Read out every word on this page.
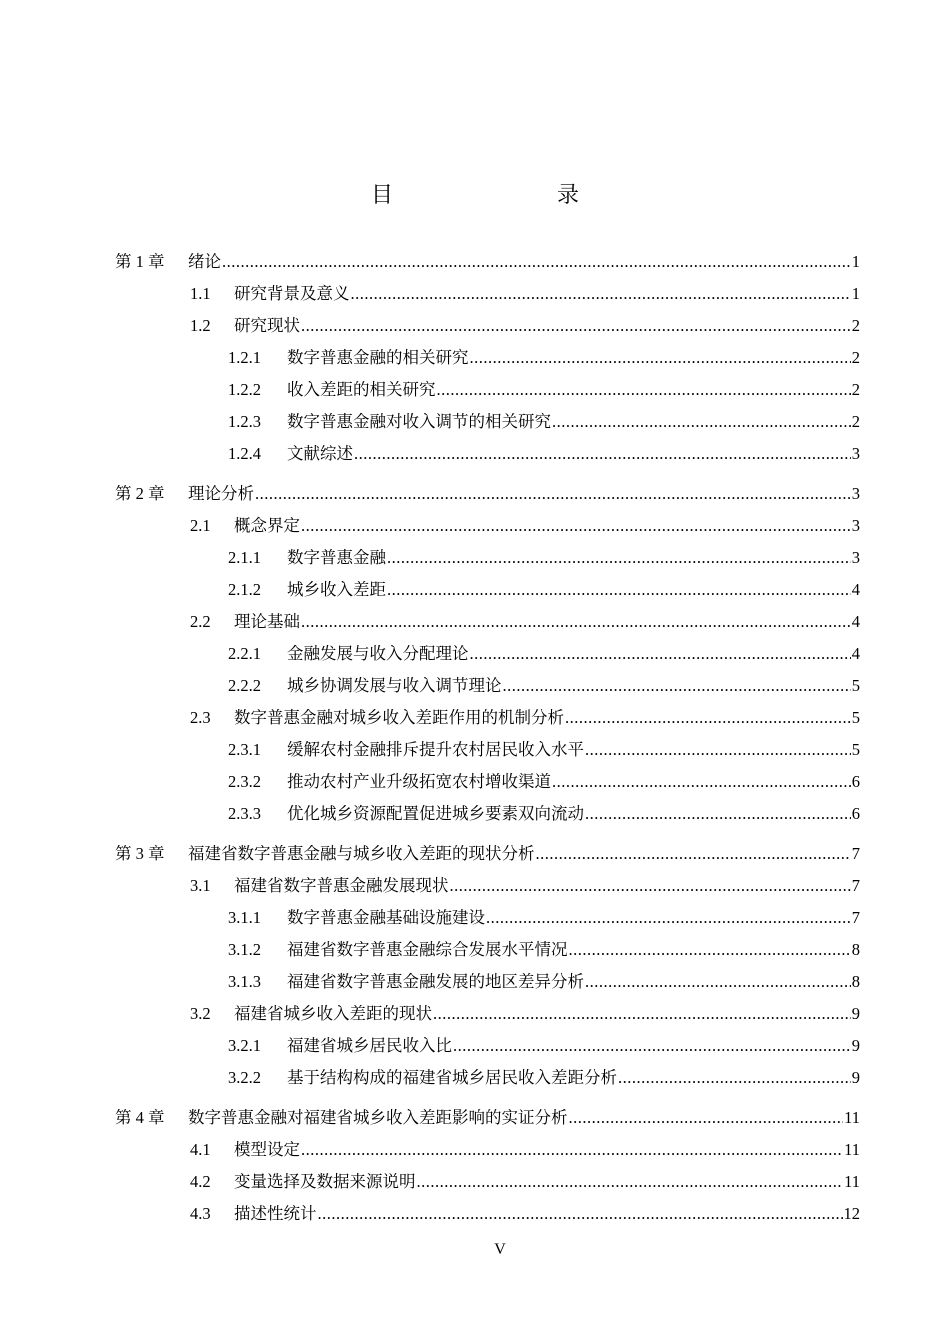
目　　录
第 1 章	绪论 .....	1
1.1	研究背景及意义 .....	1
1.2	研究现状 .....	2
1.2.1	数字普惠金融的相关研究 .....	2
1.2.2	收入差距的相关研究 .....	2
1.2.3	数字普惠金融对收入调节的相关研究 .....	2
1.2.4	文献综述 .....	3
第 2 章	理论分析 .....	3
2.1	概念界定 .....	3
2.1.1	数字普惠金融 .....	3
2.1.2	城乡收入差距 .....	4
2.2	理论基础 .....	4
2.2.1	金融发展与收入分配理论 .....	4
2.2.2	城乡协调发展与收入调节理论 .....	5
2.3	数字普惠金融对城乡收入差距作用的机制分析 .....	5
2.3.1	缓解农村金融排斥提升农村居民收入水平 .....	5
2.3.2	推动农村产业升级拓宽农村增收渠道 .....	6
2.3.3	优化城乡资源配置促进城乡要素双向流动 .....	6
第 3 章	福建省数字普惠金融与城乡收入差距的现状分析 .....	7
3.1	福建省数字普惠金融发展现状 .....	7
3.1.1	数字普惠金融基础设施建设 .....	7
3.1.2	福建省数字普惠金融综合发展水平情况 .....	8
3.1.3	福建省数字普惠金融发展的地区差异分析 .....	8
3.2	福建省城乡收入差距的现状 .....	9
3.2.1	福建省城乡居民收入比 .....	9
3.2.2	基于结构构成的福建省城乡居民收入差距分析 .....	9
第 4 章	数字普惠金融对福建省城乡收入差距影响的实证分析 .....	11
4.1	模型设定 .....	11
4.2	变量选择及数据来源说明 .....	11
4.3	描述性统计 .....	12
V
